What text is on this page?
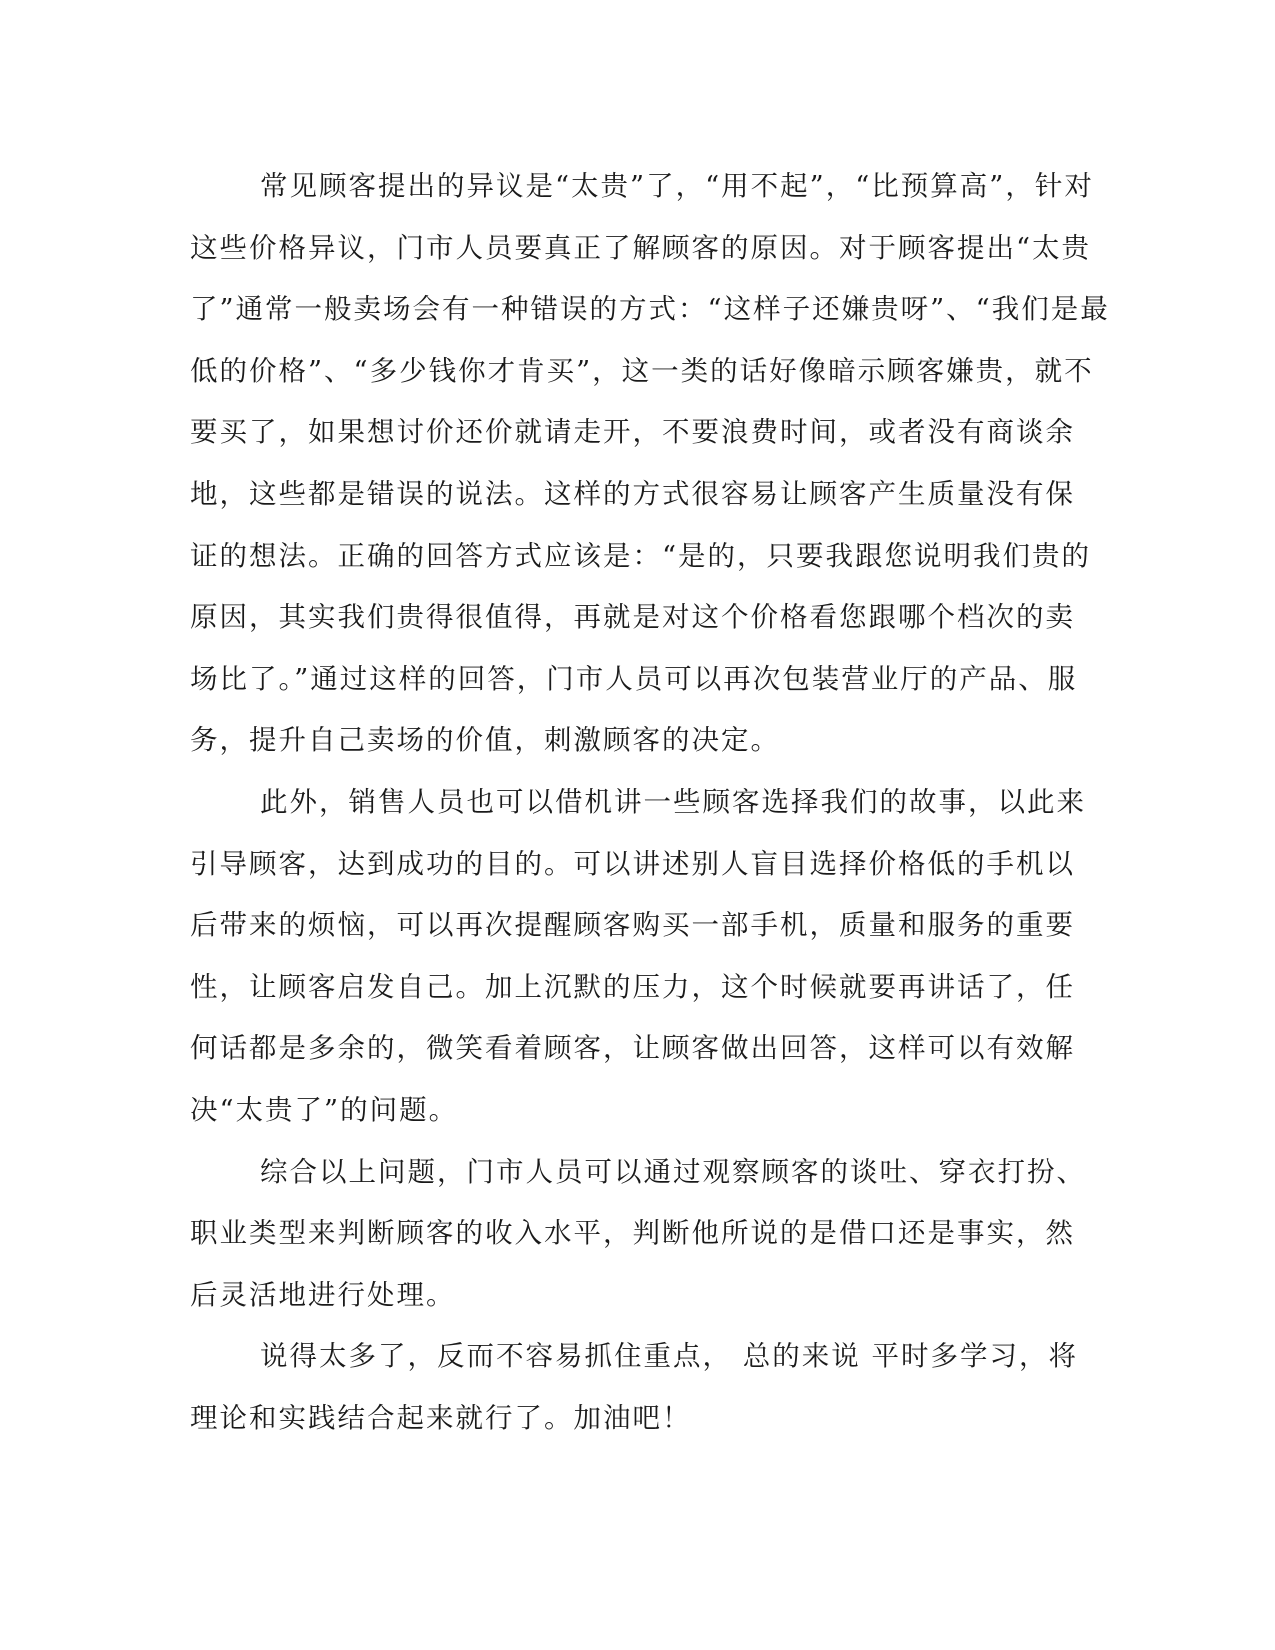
常见顾客提出的异议是“太贵”了，“用不起”，“比预算高”，针对
这些价格异议，门市人员要真正了解顾客的原因。对于顾客提出“太贵
了”通常一般卖场会有一种错误的方式：“这样子还嫌贵呀”、“我们是最
低的价格”、“多少钱你才肯买”，这一类的话好像暗示顾客嫌贵，就不
要买了，如果想讨价还价就请走开，不要浪费时间，或者没有商谈余
地，这些都是错误的说法。这样的方式很容易让顾客产生质量没有保
证的想法。正确的回答方式应该是：“是的，只要我跟您说明我们贵的
原因，其实我们贵得很值得，再就是对这个价格看您跟哪个档次的卖
场比了。”通过这样的回答，门市人员可以再次包装营业厅的产品、服
务，提升自己卖场的价值，刺激顾客的决定。
此外，销售人员也可以借机讲一些顾客选择我们的故事，以此来
引导顾客，达到成功的目的。可以讲述别人盲目选择价格低的手机以
后带来的烦恼，可以再次提醒顾客购买一部手机，质量和服务的重要
性，让顾客启发自己。加上沉默的压力，这个时候就要再讲话了，任
何话都是多余的，微笑看着顾客，让顾客做出回答，这样可以有效解
决“太贵了”的问题。
综合以上问题，门市人员可以通过观察顾客的谈吐、穿衣打扮、
职业类型来判断顾客的收入水平，判断他所说的是借口还是事实，然
后灵活地进行处理。
说得太多了，反而不容易抓住重点， 总的来说 平时多学习，将
理论和实践结合起来就行了。加油吧！
